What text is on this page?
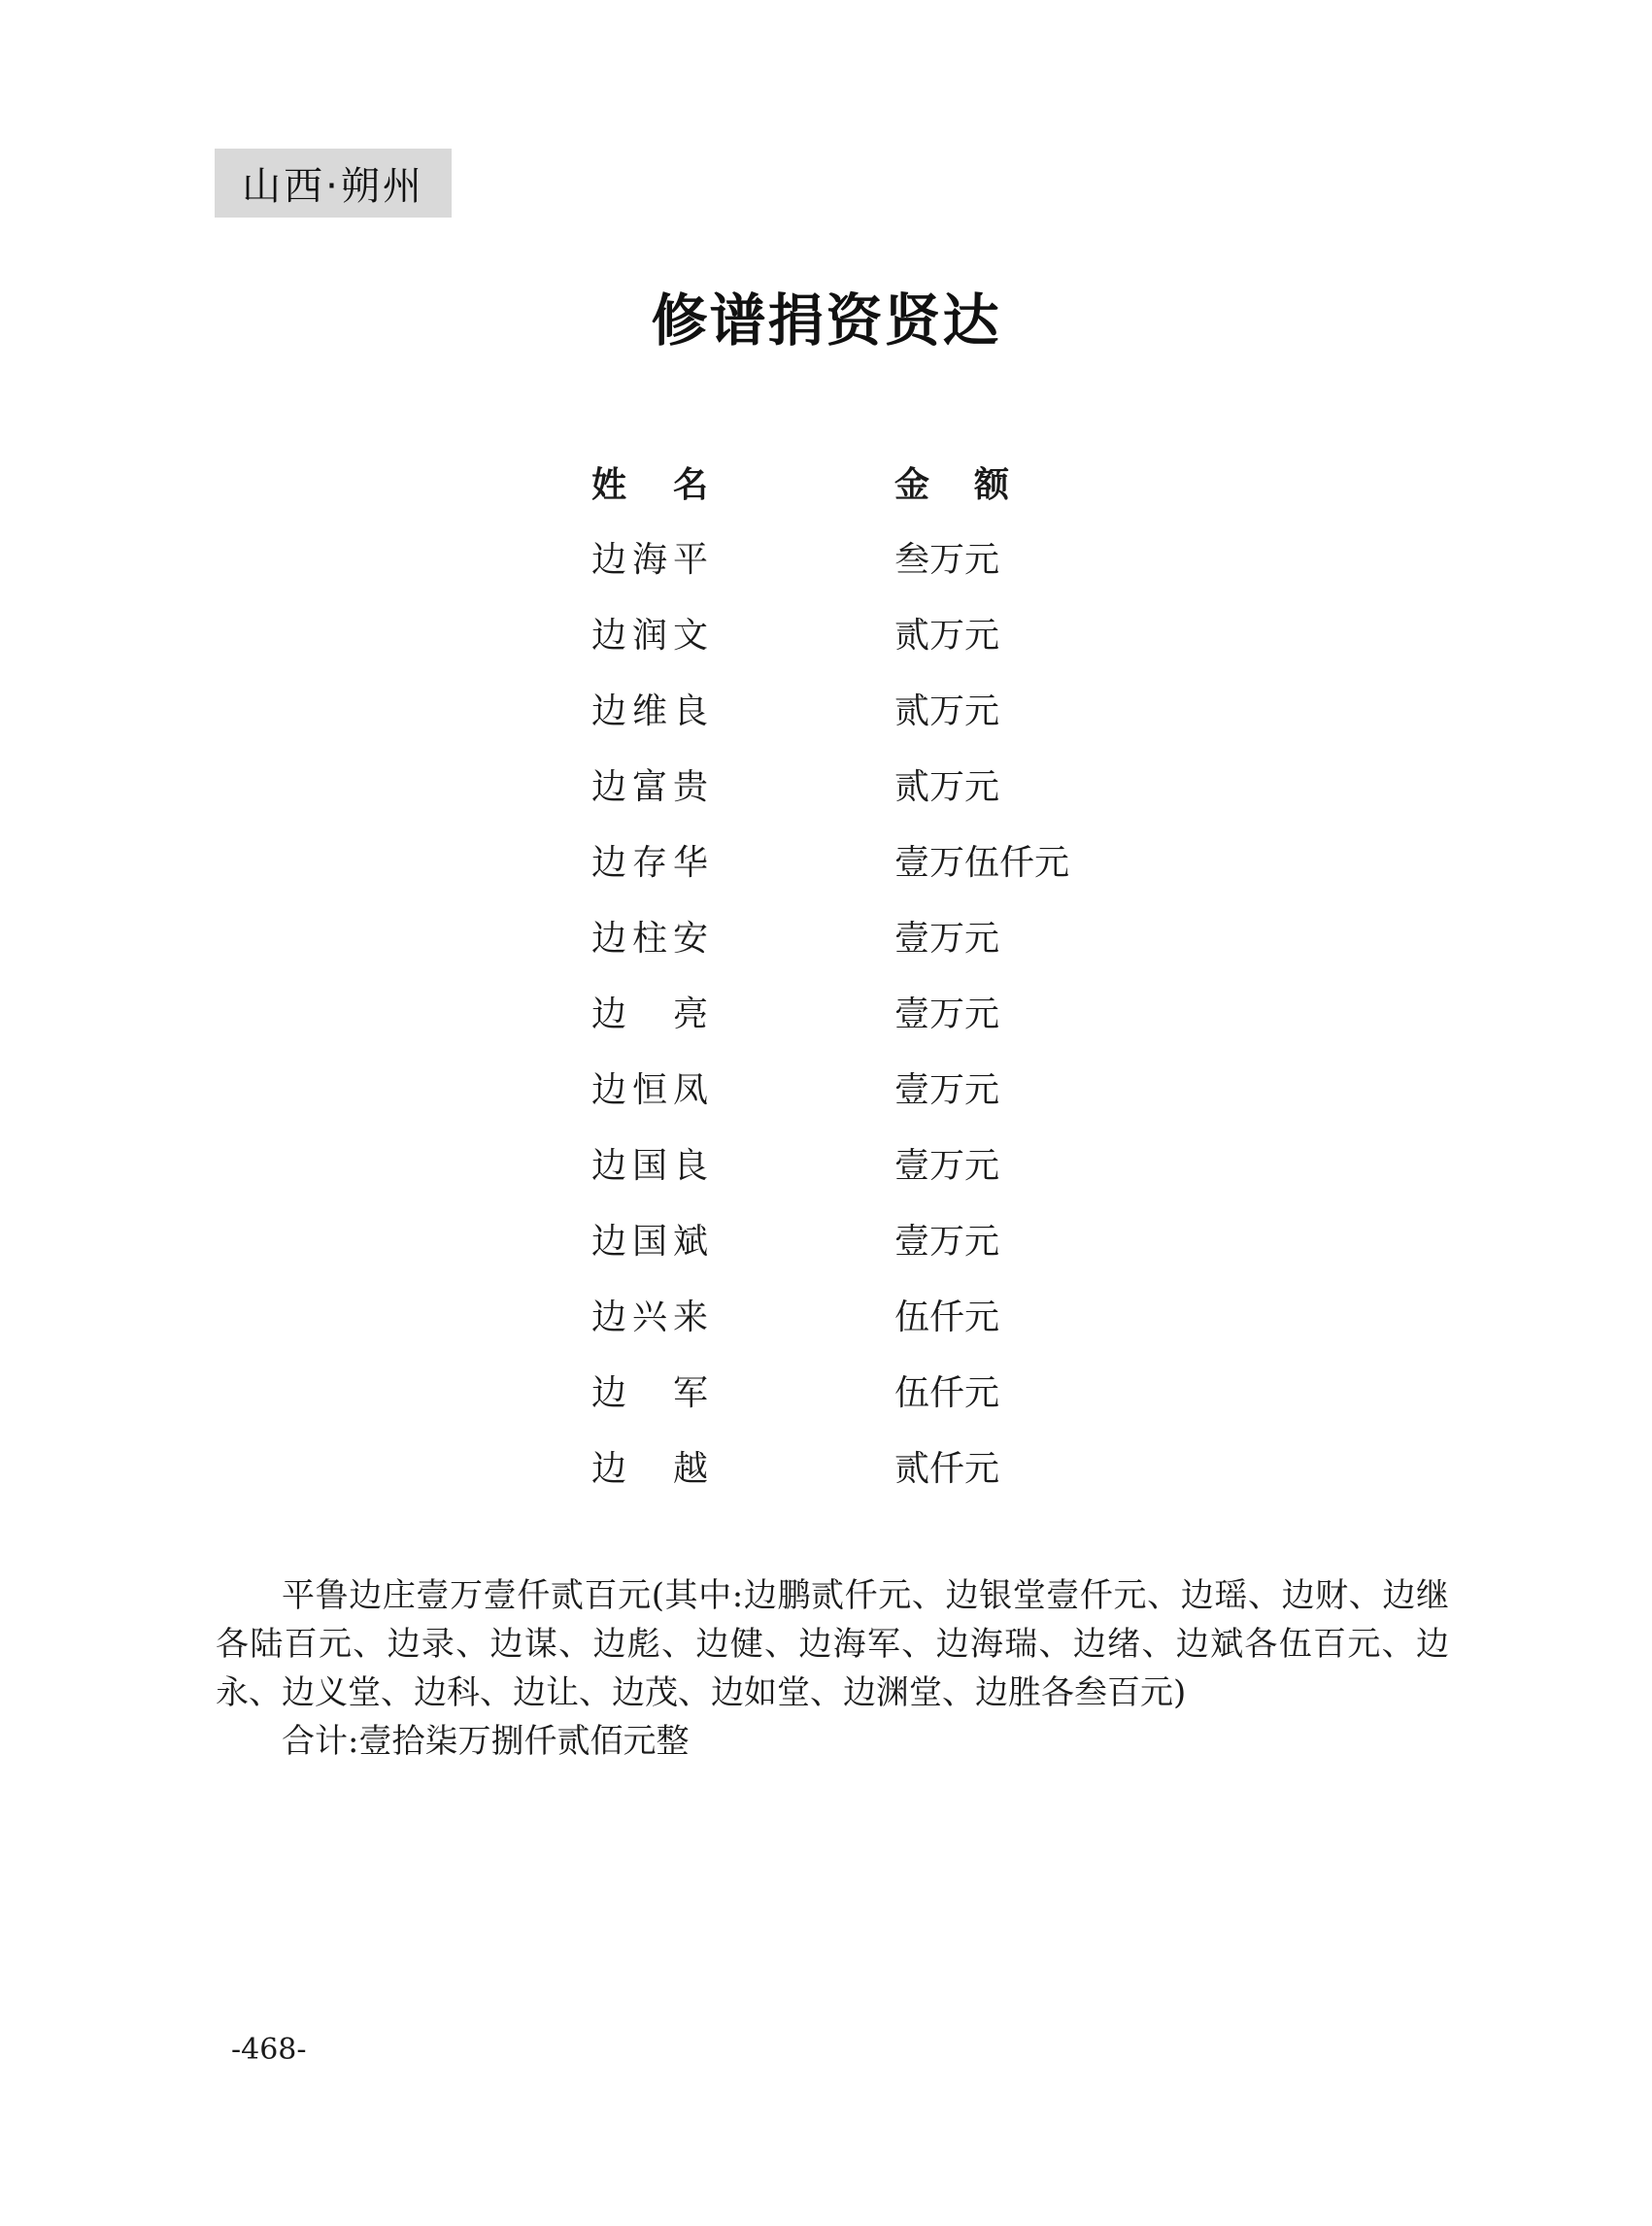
山西·朔州
修谱捐资贤达
姓 名	金 额
边海平	叁万元
边润文	贰万元
边维良	贰万元
边富贵	贰万元
边存华	壹万伍仟元
边柱安	壹万元
边 亮	壹万元
边恒凤	壹万元
边国良	壹万元
边国斌	壹万元
边兴来	伍仟元
边 军	伍仟元
边 越	贰仟元

平鲁边庄壹万壹仟贰百元(其中:边鹏贰仟元、边银堂壹仟元、边瑶、边财、边继各陆百元、边录、边谋、边彪、边健、边海军、边海瑞、边绪、边斌各伍百元、边永、边义堂、边科、边让、边茂、边如堂、边渊堂、边胜各叁百元)

合计:壹拾柒万捌仟贰佰元整

-468-
